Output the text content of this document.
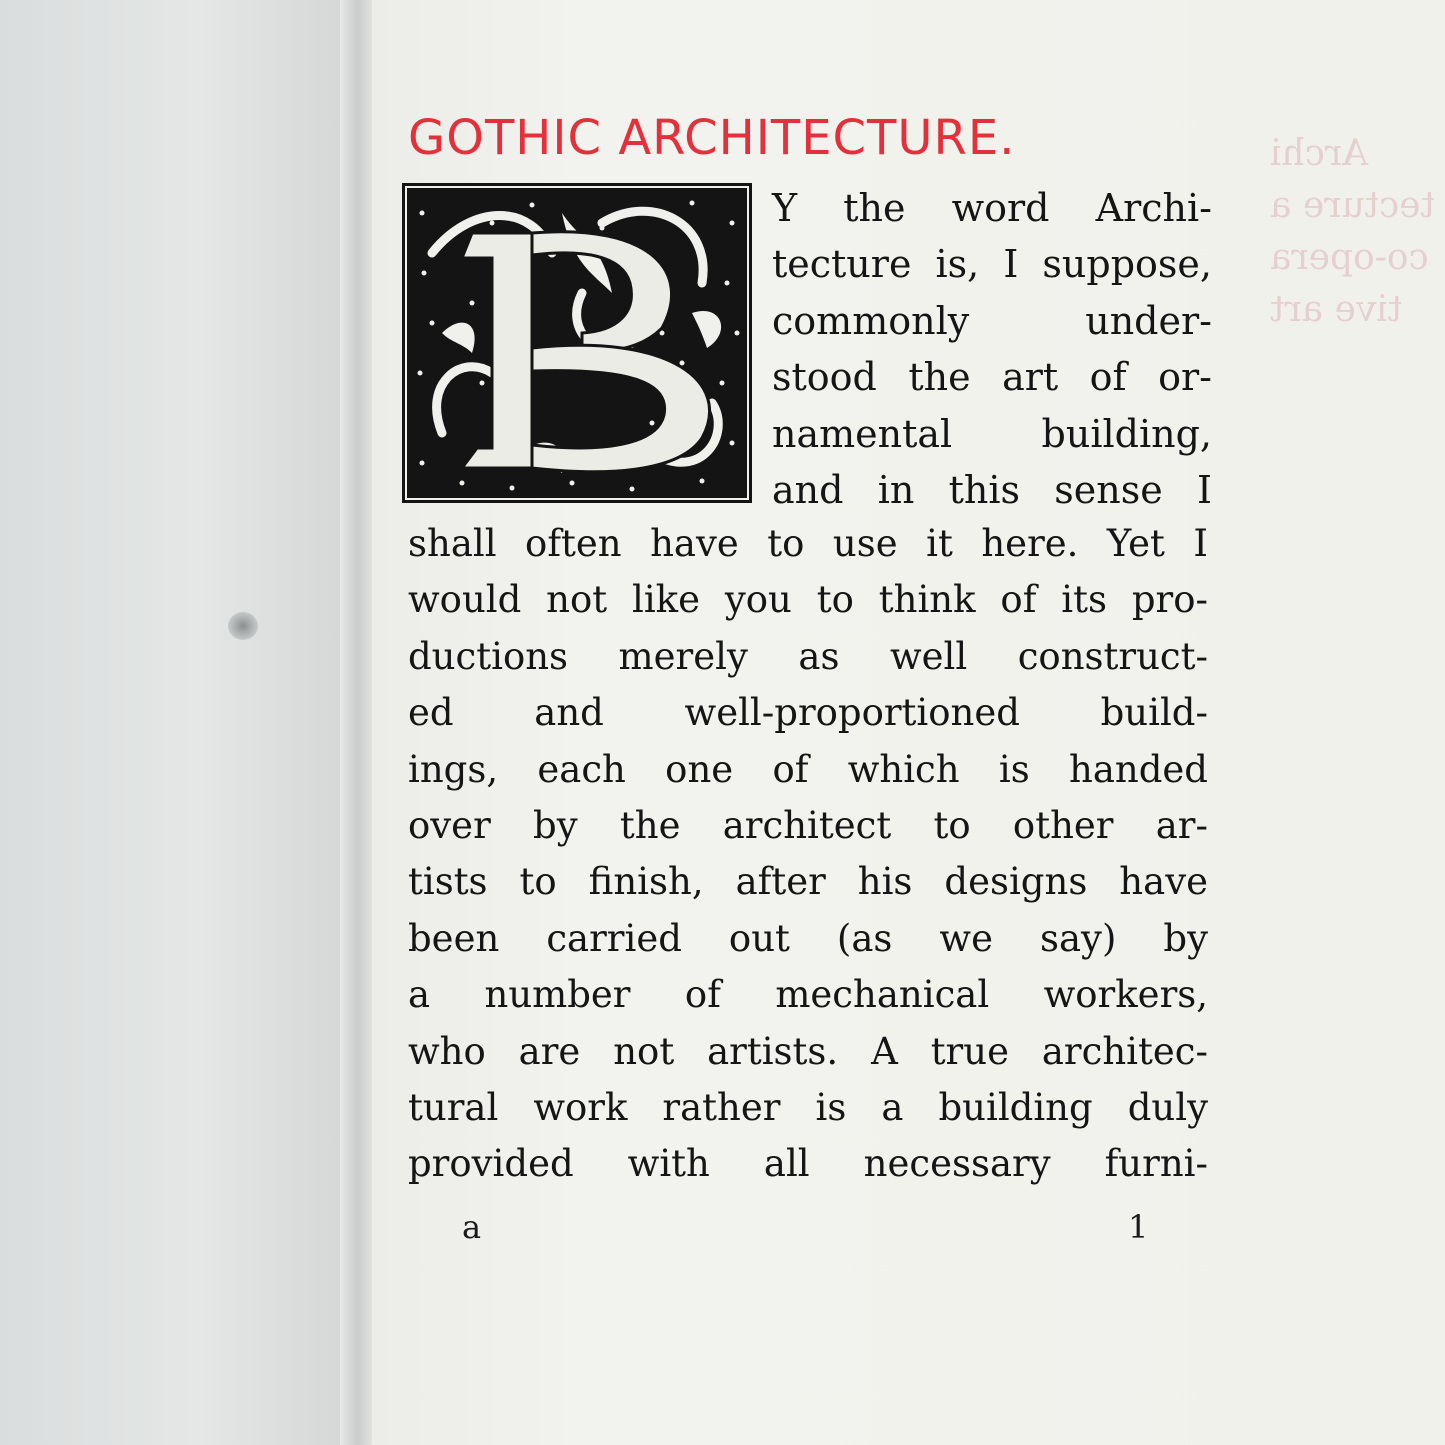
Archi
tecture a
co-opera
tive art
GOTHIC ARCHITECTURE.
Y the word Archi-
tecture is, I suppose,
commonly under-
stood the art of or-
namental building,
and in this sense I
shall often have to use it here. Yet I
would not like you to think of its pro-
ductions merely as well construct-
ed and well-proportioned build-
ings, each one of which is handed
over by the architect to other ar-
tists to finish, after his designs have
been carried out (as we say) by
a number of mechanical workers,
who are not artists. A true architec-
tural work rather is a building duly
provided with all necessary furni-
a	1
